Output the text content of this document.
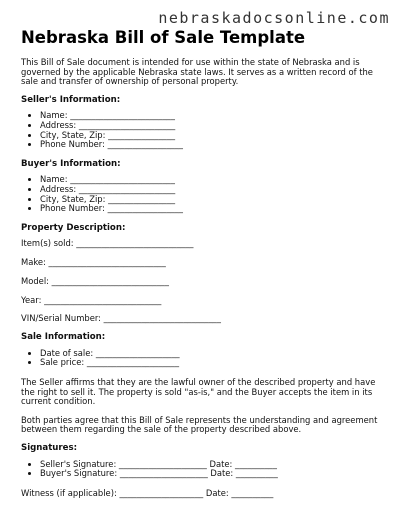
nebraskadocsonline.com
Nebraska Bill of Sale Template

This Bill of Sale document is intended for use within the state of Nebraska and is governed by the applicable Nebraska state laws. It serves as a written record of the sale and transfer of ownership of personal property.

Seller's Information:
• Name: _________________________
• Address: _______________________
• City, State, Zip: ________________
• Phone Number: __________________
Buyer's Information:
• Name: _________________________
• Address: _______________________
• City, State, Zip: ________________
• Phone Number: __________________
Property Description:

Item(s) sold: ____________________________

Make: ____________________________

Model: ____________________________

Year: ____________________________

VIN/Serial Number: ____________________________

Sale Information:
• Date of sale: ____________________
• Sale price: ______________________

The Seller affirms that they are the lawful owner of the described property and have the right to sell it. The property is sold "as-is," and the Buyer accepts the item in its current condition.

Both parties agree that this Bill of Sale represents the understanding and agreement between them regarding the sale of the property described above.

Signatures:
• Seller's Signature: _____________________ Date: __________
• Buyer's Signature: _____________________ Date: __________

Witness (if applicable): ____________________ Date: __________
